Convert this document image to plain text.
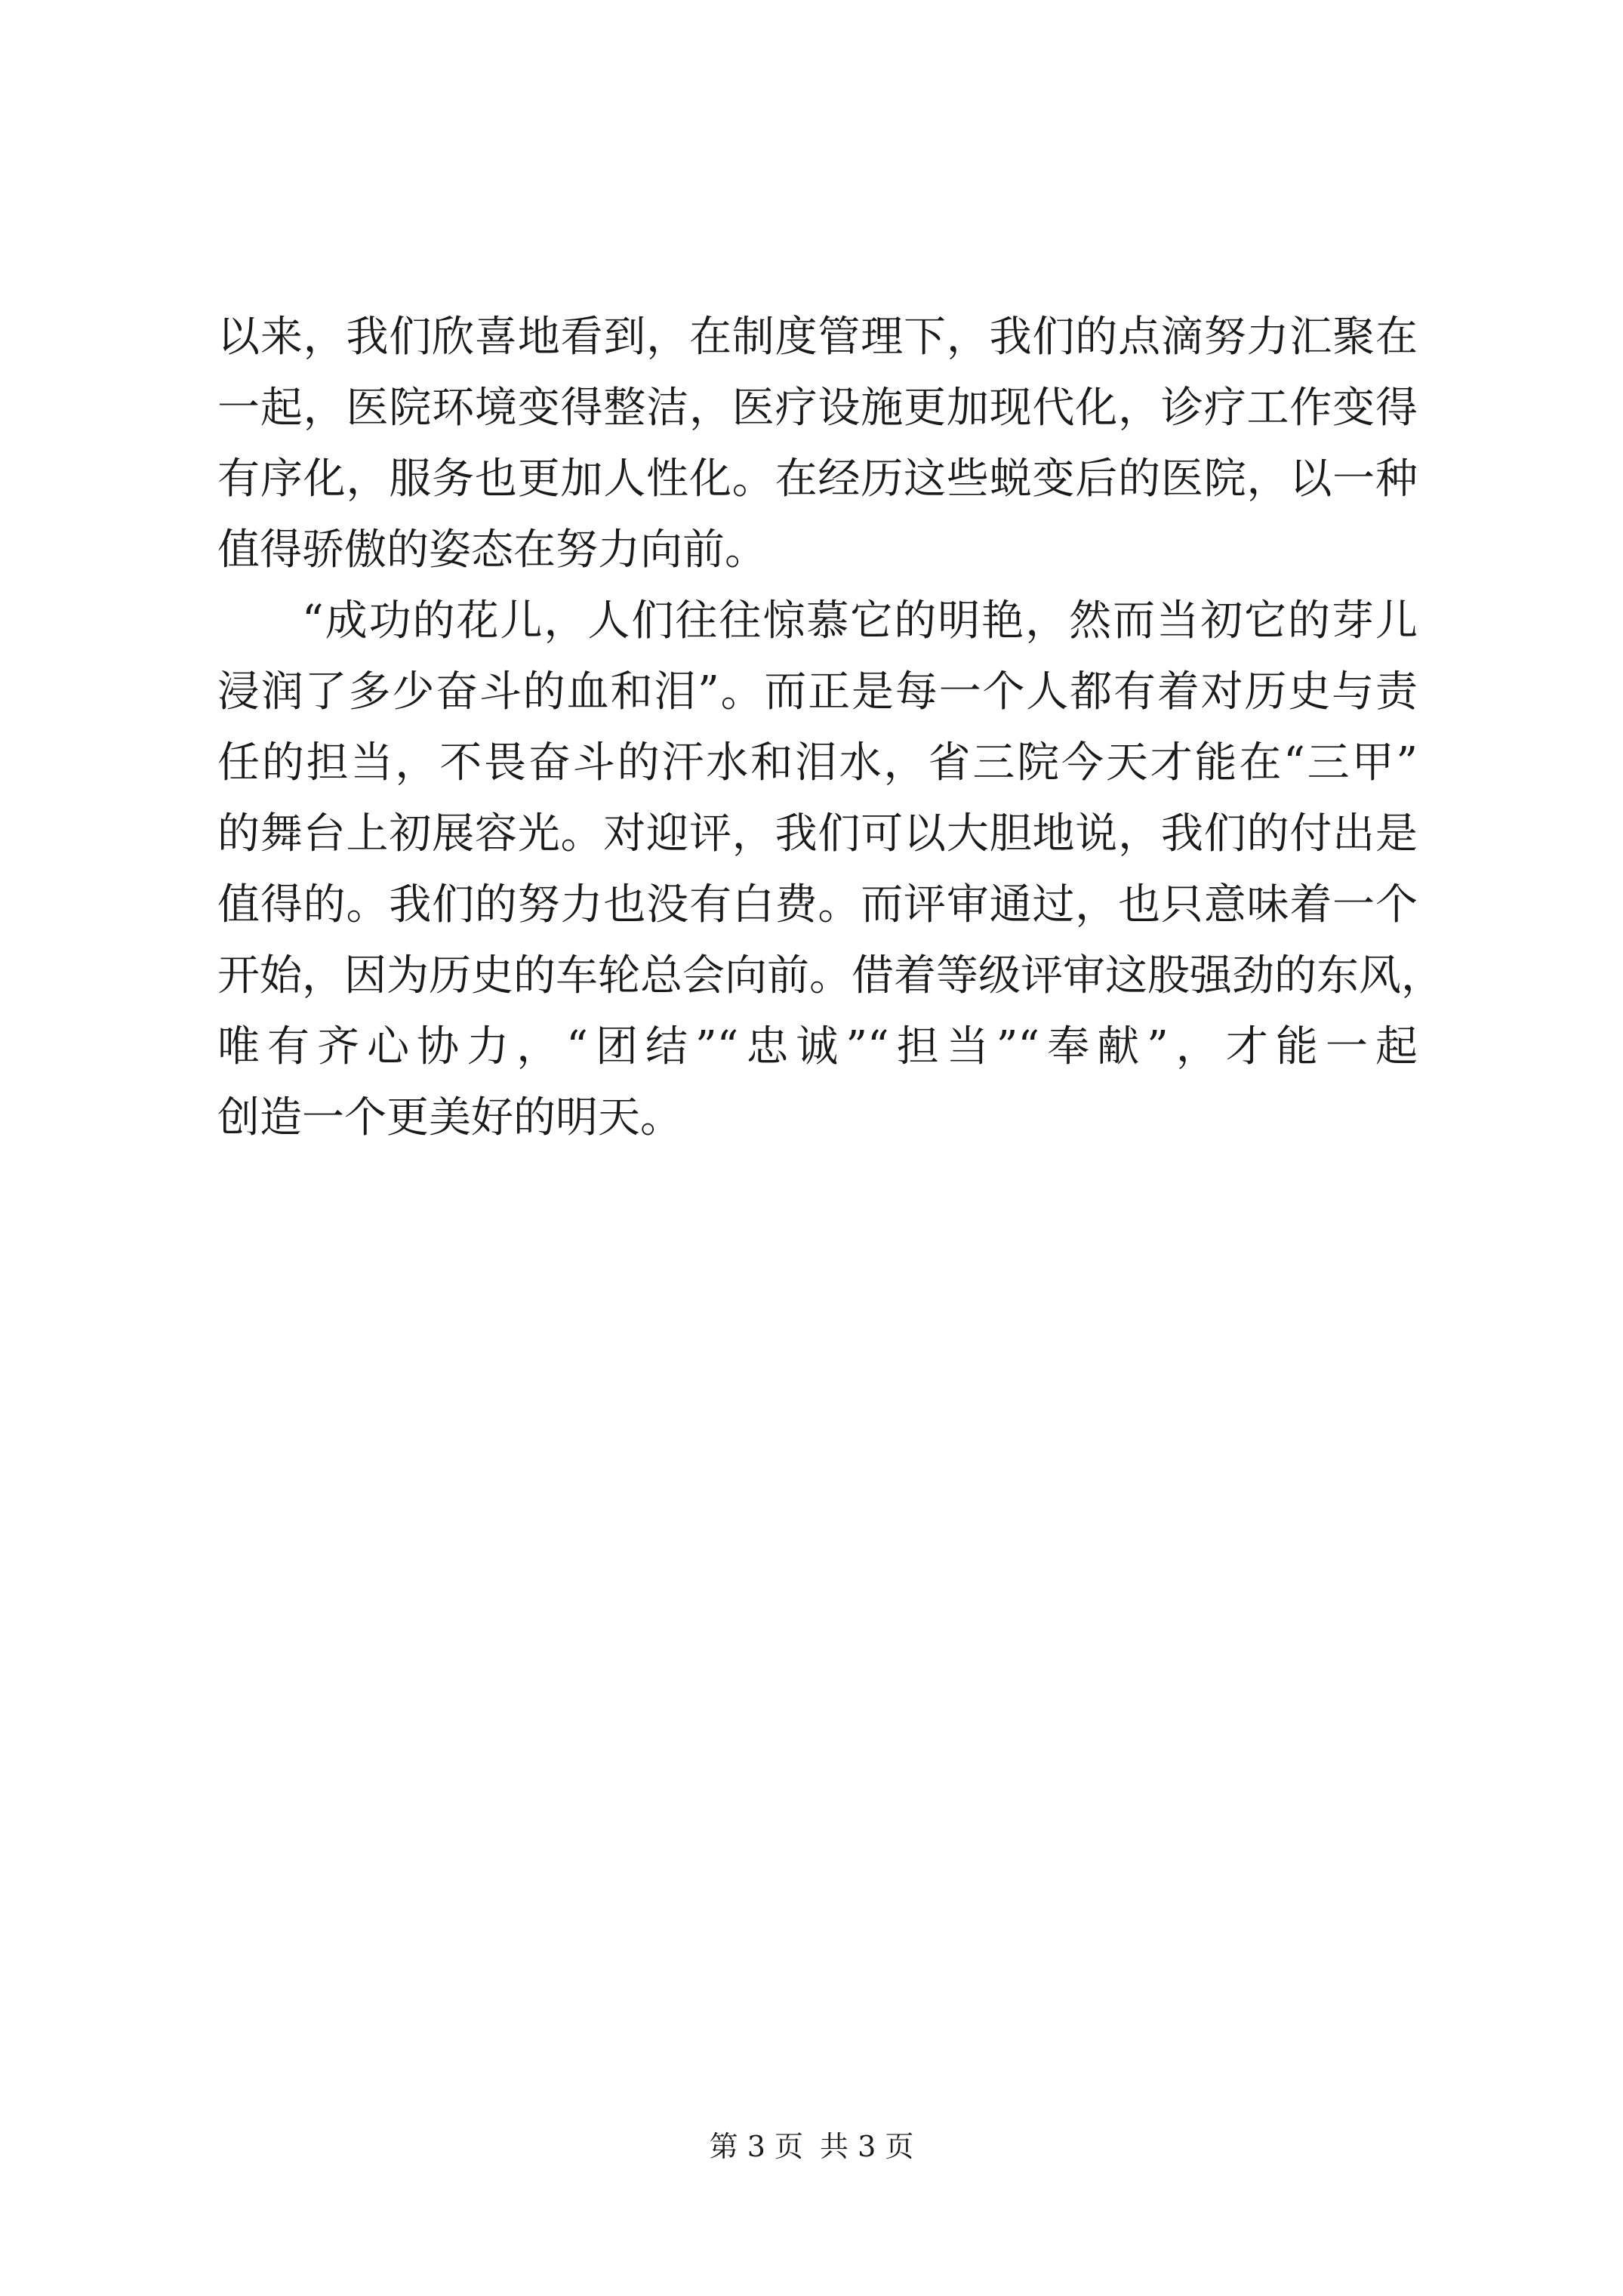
以来，我们欣喜地看到，在制度管理下，我们的点滴努力汇聚在
一起，医院环境变得整洁，医疗设施更加现代化，诊疗工作变得
有序化，服务也更加人性化。在经历这些蜕变后的医院，以一种
值得骄傲的姿态在努力向前。
“成功的花儿，人们往往惊慕它的明艳，然而当初它的芽儿
浸润了多少奋斗的血和泪”。而正是每一个人都有着对历史与责
任的担当，不畏奋斗的汗水和泪水，省三院今天才能在“三甲”
的舞台上初展容光。对迎评，我们可以大胆地说，我们的付出是
值得的。我们的努力也没有白费。而评审通过，也只意味着一个
开始，因为历史的车轮总会向前。借着等级评审这股强劲的东风，
唯有齐心协力，“团结”“忠诚”“担当”“奉献”，才能一起
创造一个更美好的明天。
第 3 页 共 3 页
